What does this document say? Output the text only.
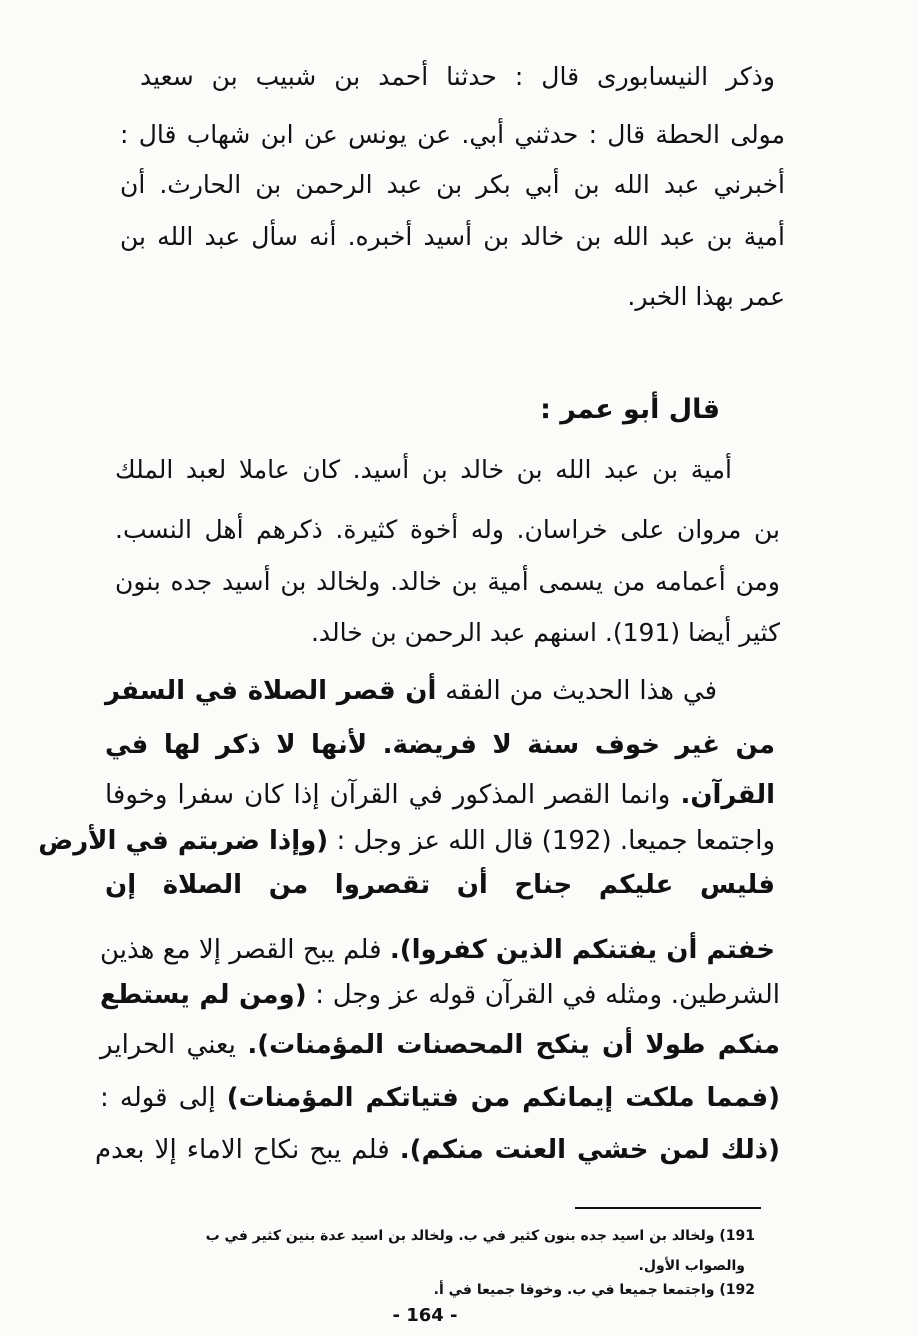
وذكر النيسابورى قال : حدثنا أحمد بن شبيب بن سعيد
مولى الحطة قال : حدثني أبي. عن يونس عن ابن شهاب قال :
أخبرني عبد الله بن أبي بكر بن عبد الرحمن بن الحارث. أن
أمية بن عبد الله بن خالد بن أسيد أخبره. أنه سأل عبد الله بن
عمر بهذا الخبر.
قال أبو عمر :
أمية بن عبد الله بن خالد بن أسيد. كان عاملا لعبد الملك
بن مروان على خراسان. وله أخوة كثيرة. ذكرهم أهل النسب.
ومن أعمامه من يسمى أمية بن خالد. ولخالد بن أسيد جده بنون
كثير أيضا (191). اسنهم عبد الرحمن بن خالد.
في هذا الحديث من الفقه أن قصر الصلاة في السفر
من غير خوف سنة لا فريضة. لأنها لا ذكر لها في
القرآن. وانما القصر المذكور في القرآن إذا كان سفرا وخوفا
واجتمعا جميعا. (192) قال الله عز وجل : (وإذا ضربتم في الأرض
فليس عليكم جناح أن تقصروا من الصلاة إن
خفتم أن يفتنكم الذين كفروا). فلم يبح القصر إلا مع هذين
الشرطين. ومثله في القرآن قوله عز وجل : (ومن لم يستطع
منكم طولا أن ينكح المحصنات المؤمنات). يعني الحراير
(فمما ملكت إيمانكم من فتياتكم المؤمنات) إلى قوله :
(ذلك لمن خشي العنت منكم). فلم يبح نكاح الاماء إلا بعدم
191) ولخالد بن اسيد جده بنون كثير في ب. ولخالد بن اسيد عدة بنين كثير في ب
والصواب الأول.
192) واجتمعا جميعا في ب. وخوفا جميعا في أ.
- 164 -
